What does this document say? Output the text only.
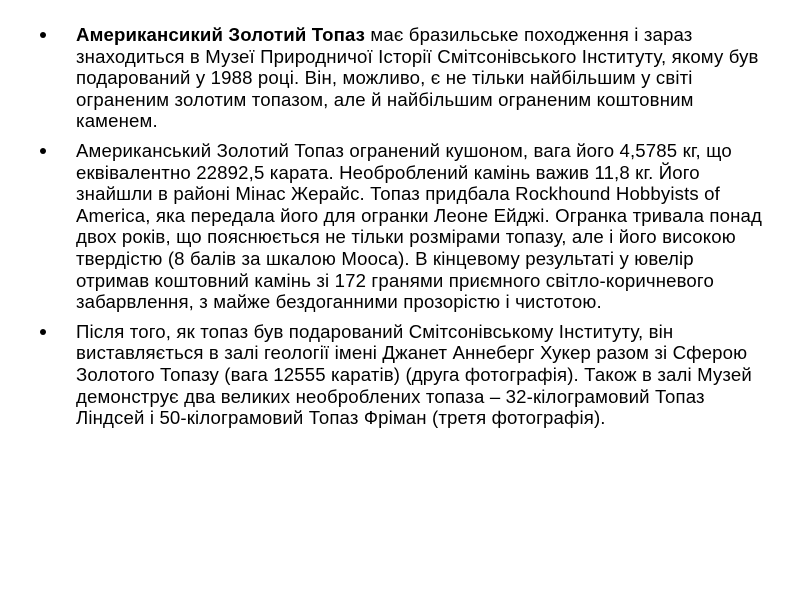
Американсикий Золотий Топаз має бразильське походження і зараз знаходиться в Музеї Природничої Історії Смітсонівського Інституту, якому був подарований у 1988 році. Він, можливо, є не тільки найбільшим у світі ограненим золотим топазом, але й найбільшим ограненим коштовним каменем.
Американський Золотий Топаз огранений кушоном, вага його 4,5785 кг, що еквівалентно 22892,5 карата. Необроблений камінь важив 11,8 кг. Його знайшли в районі Мінас Жерайс. Топаз придбала Rockhound Hobbyists of America, яка передала його для огранки Леоне Ейджі. Огранка тривала понад двох років, що пояснюється не тільки розмірами топазу, але і його високою твердістю (8 балів за шкалою Мооса). В кінцевому результаті у ювелір отримав коштовний камінь зі 172 гранями приємного світло-коричневого забарвлення, з майже бездоганними прозорістю і чистотою.
Після того, як топаз був подарований Смітсонівському Інституту, він виставляється в залі геології імені Джанет Аннеберг Хукер разом зі Сферою Золотого Топазу (вага 12555 каратів) (друга фотографія). Також в залі Музей демонструє два великих необроблених топаза – 32-кілограмовий Топаз Ліндсей і 50-кілограмовий Топаз Фріман (третя фотографія).
